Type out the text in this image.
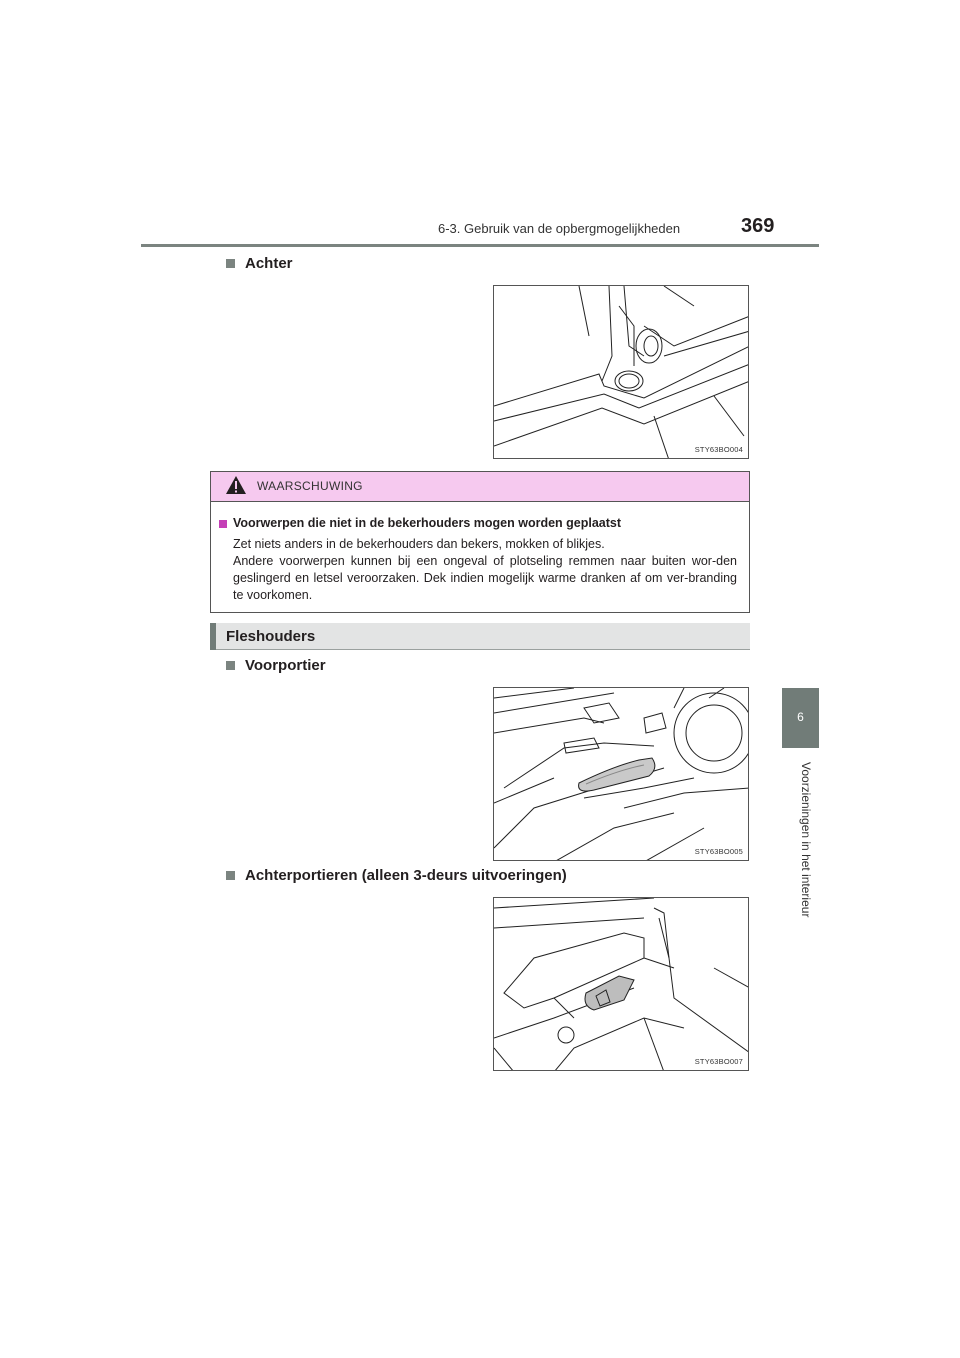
6-3. Gebruik van de opbergmogelijkheden	369
6
Voorzieningen in het interieur
Achter
STY63BO004
WAARSCHUWING
Voorwerpen die niet in de bekerhouders mogen worden geplaatst
Zet niets anders in de bekerhouders dan bekers, mokken of blikjes.
Andere voorwerpen kunnen bij een ongeval of plotseling remmen naar buiten wor-den geslingerd en letsel veroorzaken. Dek indien mogelijk warme dranken af om ver-branding te voorkomen.
Fleshouders
Voorportier
STY63BO005
Achterportieren (alleen 3-deurs uitvoeringen)
STY63BO007
